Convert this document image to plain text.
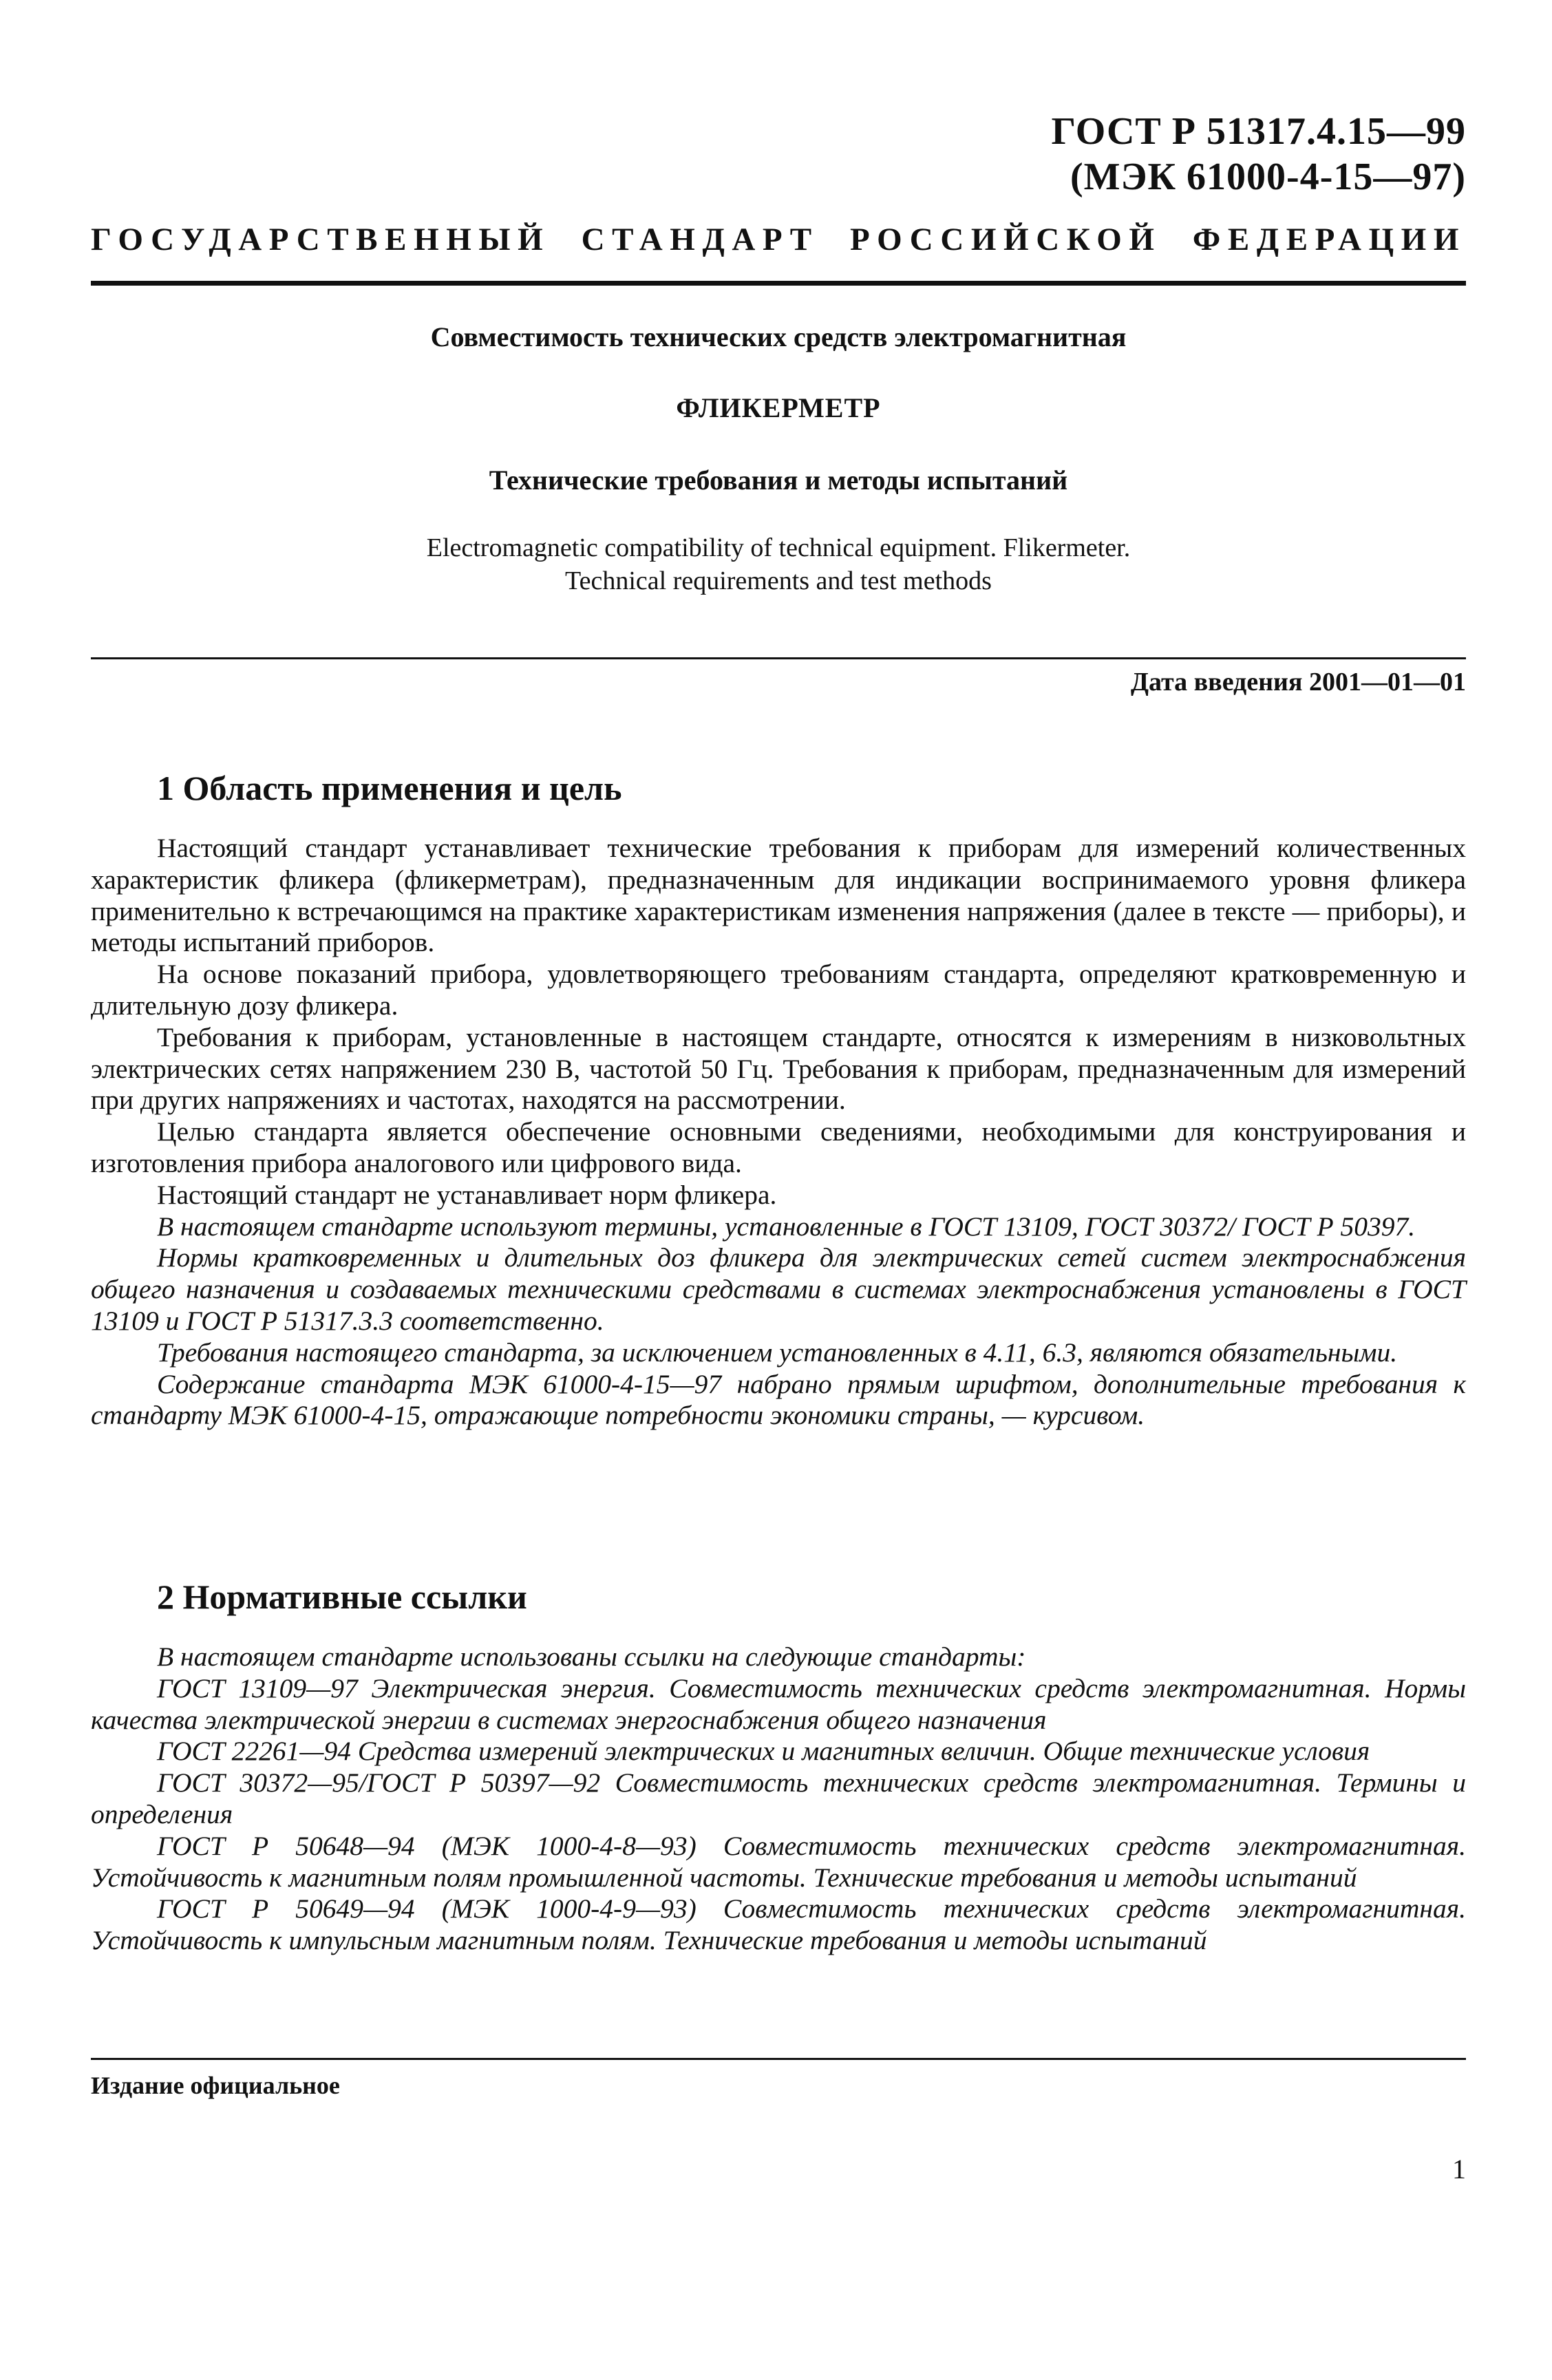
ГОСТ Р 51317.4.15—99
(МЭК 61000-4-15—97)
ГОСУДАРСТВЕННЫЙ СТАНДАРТ РОССИЙСКОЙ ФЕДЕРАЦИИ
Совместимость технических средств электромагнитная
ФЛИКЕРМЕТР
Технические требования и методы испытаний
Electromagnetic compatibility of technical equipment. Flikermeter.
Technical requirements and test methods
Дата введения 2001—01—01
1 Область применения и цель

Настоящий стандарт устанавливает технические требования к приборам для измерений количественных характеристик фликера (фликерметрам), предназначенным для индикации воспринимаемого уровня фликера применительно к встречающимся на практике характеристикам изменения напряжения (далее в тексте — приборы), и методы испытаний приборов.

На основе показаний прибора, удовлетворяющего требованиям стандарта, определяют кратковременную и длительную дозу фликера.

Требования к приборам, установленные в настоящем стандарте, относятся к измерениям в низковольтных электрических сетях напряжением 230 В, частотой 50 Гц. Требования к приборам, предназначенным для измерений при других напряжениях и частотах, находятся на рассмотрении.

Целью стандарта является обеспечение основными сведениями, необходимыми для конструирования и изготовления прибора аналогового или цифрового вида.

Настоящий стандарт не устанавливает норм фликера.

В настоящем стандарте используют термины, установленные в ГОСТ 13109, ГОСТ 30372/ ГОСТ Р 50397.

Нормы кратковременных и длительных доз фликера для электрических сетей систем электроснабжения общего назначения и создаваемых техническими средствами в системах электроснабжения установлены в ГОСТ 13109 и ГОСТ Р 51317.3.3 соответственно.

Требования настоящего стандарта, за исключением установленных в 4.11, 6.3, являются обязательными.

Содержание стандарта МЭК 61000-4-15—97 набрано прямым шрифтом, дополнительные требования к стандарту МЭК 61000-4-15, отражающие потребности экономики страны, — курсивом.

2 Нормативные ссылки

В настоящем стандарте использованы ссылки на следующие стандарты:

ГОСТ 13109—97 Электрическая энергия. Совместимость технических средств электромагнитная. Нормы качества электрической энергии в системах энергоснабжения общего назначения

ГОСТ 22261—94 Средства измерений электрических и магнитных величин. Общие технические условия

ГОСТ 30372—95/ГОСТ Р 50397—92 Совместимость технических средств электромагнитная. Термины и определения

ГОСТ Р 50648—94 (МЭК 1000-4-8—93) Совместимость технических средств электромагнитная. Устойчивость к магнитным полям промышленной частоты. Технические требования и методы испытаний

ГОСТ Р 50649—94 (МЭК 1000-4-9—93) Совместимость технических средств электромагнитная. Устойчивость к импульсным магнитным полям. Технические требования и методы испытаний

Издание официальное
1
